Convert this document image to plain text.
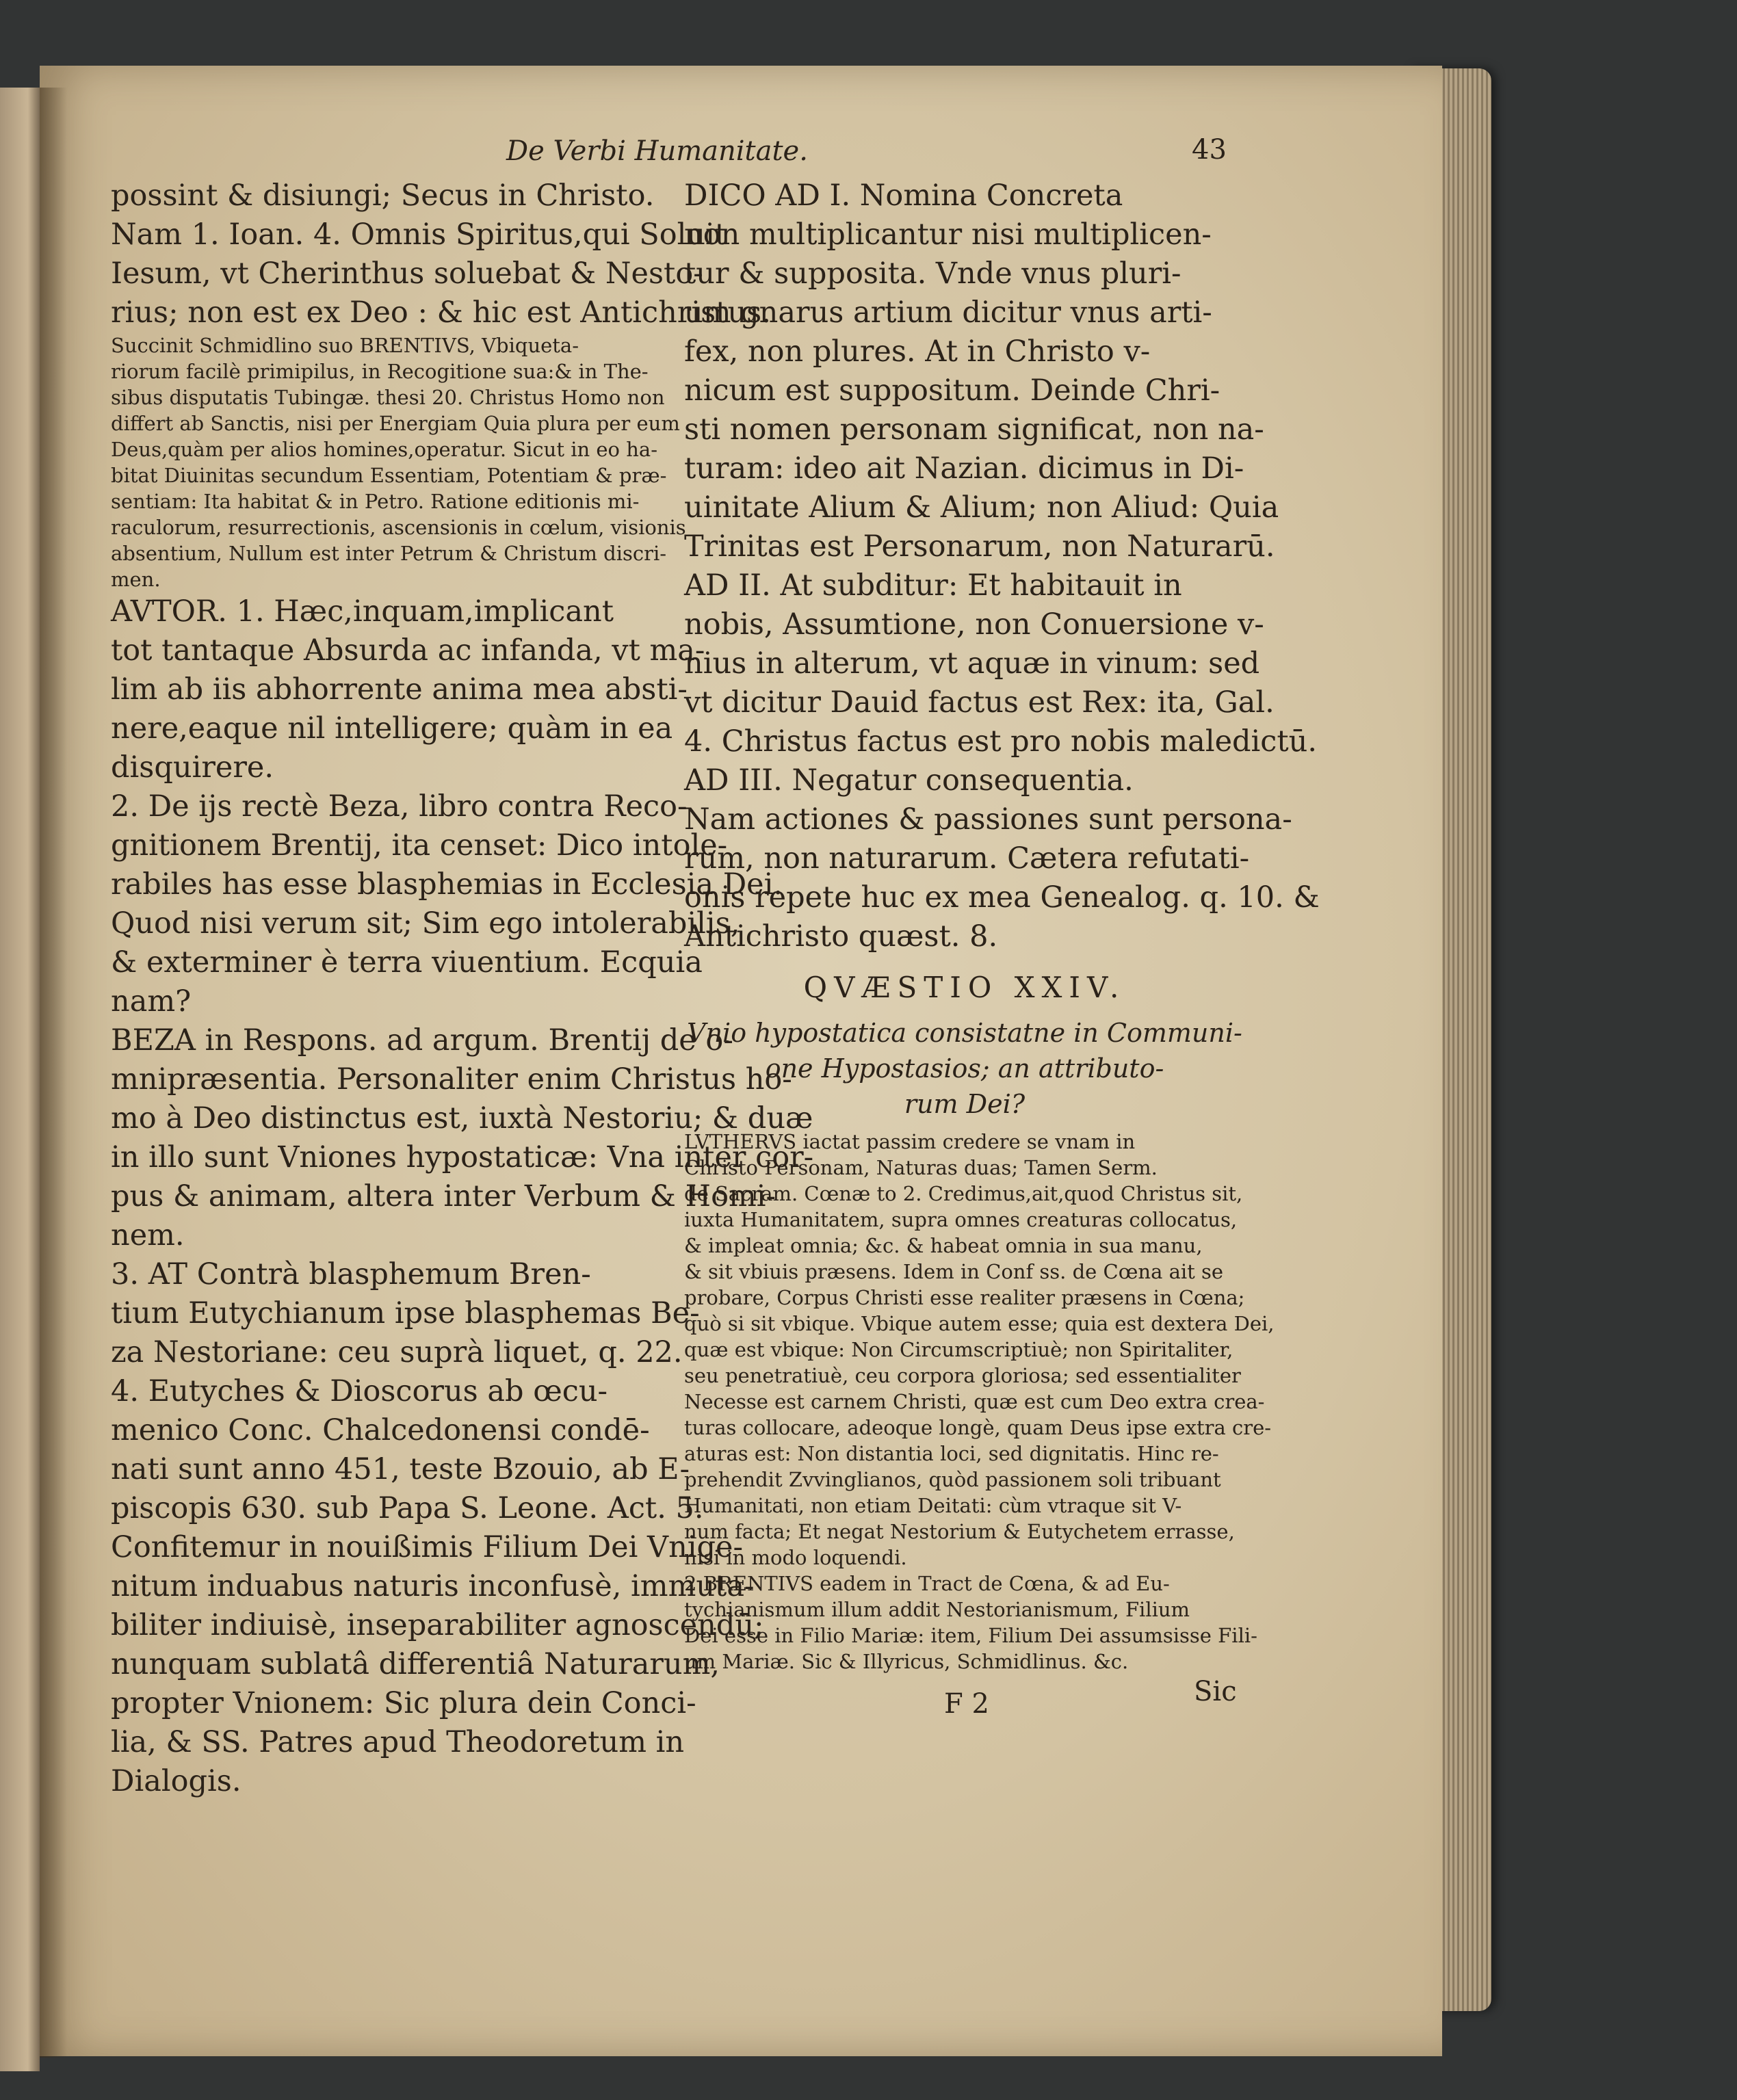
De Verbi Humanitate.	43
possint & disiungi; Secus in Christo.
Nam 1. Ioan. 4. Omnis Spiritus,qui Soluit
Iesum, vt Cherinthus soluebat & Nesto-
rius; non est ex Deo : & hic est Antichristus.
Succinit Schmidlino suo BRENTIVS, Vbiqueta-
riorum facilè primipilus, in Recogitione sua:& in The-
sibus disputatis Tubingæ. thesi 20. Christus Homo non
differt ab Sanctis, nisi per Energiam Quia plura per eum
Deus,quàm per alios homines,operatur. Sicut in eo ha-
bitat Diuinitas secundum Essentiam, Potentiam & præ-
sentiam: Ita habitat & in Petro. Ratione editionis mi-
raculorum, resurrectionis, ascensionis in cœlum, visionis
absentium, Nullum est inter Petrum & Christum discri-
men.
AVTOR. 1. Hæc,inquam,implicant
tot tantaque Absurda ac infanda, vt ma-
lim ab iis abhorrente anima mea absti-
nere,eaque nil intelligere; quàm in ea
disquirere.
2. De ijs rectè Beza, libro contra Reco-
gnitionem Brentij, ita censet: Dico intole-
rabiles has esse blasphemias in Ecclesia Dei.
Quod nisi verum sit; Sim ego intolerabilis,
& exterminer è terra viuentium. Ecquia
nam?
BEZA in Respons. ad argum. Brentij de o-
mnipræsentia. Personaliter enim Christus ho-
mo à Deo distinctus est, iuxtà Nestoriu; & duæ
in illo sunt Vniones hypostaticæ: Vna inter cor-
pus & animam, altera inter Verbum & Homi-
nem.
3. AT Contrà blasphemum Bren-
tium Eutychianum ipse blasphemas Be-
za Nestoriane: ceu suprà liquet, q. 22.
4. Eutyches & Dioscorus ab œcu-
menico Conc. Chalcedonensi condē-
nati sunt anno 451, teste Bzouio, ab E-
piscopis 630. sub Papa S. Leone. Act. 5.
Confitemur in nouißimis Filium Dei Vnige-
nitum induabus naturis inconfusè, immuta-
biliter indiuisè, inseparabiliter agnoscendū;
nunquam sublatâ differentiâ Naturarum,
propter Vnionem: Sic plura dein Conci-
lia, & SS. Patres apud Theodoretum in
Dialogis.
DICO AD I. Nomina Concreta
non multiplicantur nisi multiplicen-
tur & supposita. Vnde vnus pluri-
um gnarus artium dicitur vnus arti-
fex, non plures. At in Christo v-
nicum est suppositum. Deinde Chri-
sti nomen personam significat, non na-
turam: ideo ait Nazian. dicimus in Di-
uinitate Alium & Alium; non Aliud: Quia
Trinitas est Personarum, non Naturarū.
AD II. At subditur: Et habitauit in
nobis, Assumtione, non Conuersione v-
nius in alterum, vt aquæ in vinum: sed
vt dicitur Dauid factus est Rex: ita, Gal.
4. Christus factus est pro nobis maledictū.
AD III. Negatur consequentia.
Nam actiones & passiones sunt persona-
rum, non naturarum. Cætera refutati-
onis repete huc ex mea Genealog. q. 10. &
Antichristo quæst. 8.
QVÆSTIO XXIV.
Vnio hypostatica consistatne in Communi-
one Hypostasios; an attributo-
rum Dei?
LVTHERVS iactat passim credere se vnam in
Christo Personam, Naturas duas; Tamen Serm.
de Sacram. Cœnæ to 2. Credimus,ait,quod Christus sit,
iuxta Humanitatem, supra omnes creaturas collocatus,
& impleat omnia; &c. & habeat omnia in sua manu,
& sit vbiuis præsens. Idem in Conf ss. de Cœna ait se
probare, Corpus Christi esse realiter præsens in Cœna;
quò si sit vbique. Vbique autem esse; quia est dextera Dei,
quæ est vbique: Non Circumscriptiuè; non Spiritaliter,
seu penetratiuè, ceu corpora gloriosa; sed essentialiter
Necesse est carnem Christi, quæ est cum Deo extra crea-
turas collocare, adeoque longè, quam Deus ipse extra cre-
aturas est: Non distantia loci, sed dignitatis. Hinc re-
prehendit Zvvinglianos, quòd passionem soli tribuant
Humanitati, non etiam Deitati: cùm vtraque sit V-
num facta; Et negat Nestorium & Eutychetem errasse,
nisi in modo loquendi.
2 BRENTIVS eadem in Tract de Cœna, & ad Eu-
tychianismum illum addit Nestorianismum, Filium
Dei esse in Filio Mariæ: item, Filium Dei assumsisse Fili-
um Mariæ. Sic & Illyricus, Schmidlinus. &c.
F 2	Sic
